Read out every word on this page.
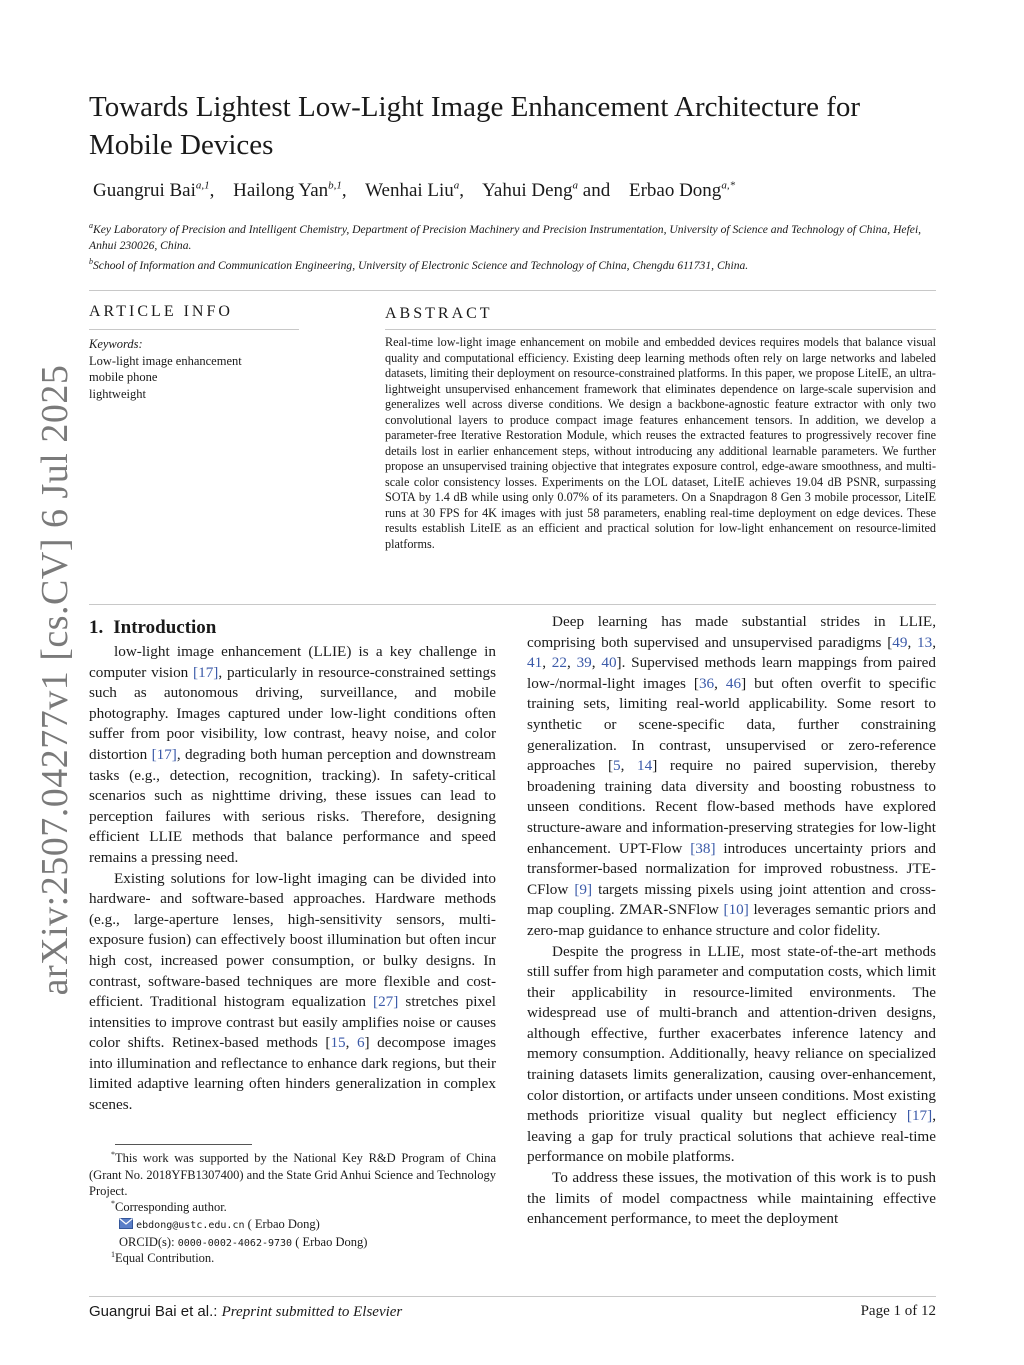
Towards Lightest Low-Light Image Enhancement Architecture for Mobile Devices
Guangrui Bai$^{a,1}$, Hailong Yan$^{b,1}$, Wenhai Liu$^a$, Yahui Deng$^a$ and Erbao Dong$^{a,*}$
$^a$Key Laboratory of Precision and Intelligent Chemistry, Department of Precision Machinery and Precision Instrumentation, University of Science and Technology of China, Hefei, Anhui 230026, China.
$^b$School of Information and Communication Engineering, University of Electronic Science and Technology of China, Chengdu 611731, China.
ARTICLE INFO
Keywords:
Low-light image enhancement
mobile phone
lightweight
ABSTRACT
Real-time low-light image enhancement on mobile and embedded devices requires models that balance visual quality and computational efficiency. Existing deep learning methods often rely on large networks and labeled datasets, limiting their deployment on resource-constrained platforms. In this paper, we propose LiteIE, an ultra-lightweight unsupervised enhancement framework that eliminates dependence on large-scale supervision and generalizes well across diverse conditions. We design a backbone-agnostic feature extractor with only two convolutional layers to produce compact image features enhancement tensors. In addition, we develop a parameter-free Iterative Restoration Module, which reuses the extracted features to progressively recover fine details lost in earlier enhancement steps, without introducing any additional learnable parameters. We further propose an unsupervised training objective that integrates exposure control, edge-aware smoothness, and multi-scale color consistency losses. Experiments on the LOL dataset, LiteIE achieves 19.04 dB PSNR, surpassing SOTA by 1.4 dB while using only 0.07% of its parameters. On a Snapdragon 8 Gen 3 mobile processor, LiteIE runs at 30 FPS for 4K images with just 58 parameters, enabling real-time deployment on edge devices. These results establish LiteIE as an efficient and practical solution for low-light enhancement on resource-limited platforms.
1. Introduction

low-light image enhancement (LLIE) is a key challenge in computer vision [17], particularly in resource-constrained settings such as autonomous driving, surveillance, and mobile photography. Images captured under low-light conditions often suffer from poor visibility, low contrast, heavy noise, and color distortion [17], degrading both human perception and downstream tasks (e.g., detection, recognition, tracking). In safety-critical scenarios such as nighttime driving, these issues can lead to perception failures with serious risks. Therefore, designing efficient LLIE methods that balance performance and speed remains a pressing need.

Existing solutions for low-light imaging can be divided into hardware- and software-based approaches. Hardware methods (e.g., large-aperture lenses, high-sensitivity sensors, multi-exposure fusion) can effectively boost illumination but often incur high cost, increased power consumption, or bulky designs. In contrast, software-based techniques are more flexible and cost-efficient. Traditional histogram equalization [27] stretches pixel intensities to improve contrast but easily amplifies noise or causes color shifts. Retinex-based methods [15, 6] decompose images into illumination and reflectance to enhance dark regions, but their limited adaptive learning often hinders generalization in complex scenes.

Deep learning has made substantial strides in LLIE, comprising both supervised and unsupervised paradigms [49, 13, 41, 22, 39, 40]. Supervised methods learn mappings from paired low-/normal-light images [36, 46] but often overfit to specific training sets, limiting real-world applicability. Some resort to synthetic or scene-specific data, further constraining generalization. In contrast, unsupervised or zero-reference approaches [5, 14] require no paired supervision, thereby broadening training data diversity and boosting robustness to unseen conditions. Recent flow-based methods have explored structure-aware and information-preserving strategies for low-light enhancement. UPT-Flow [38] introduces uncertainty priors and transformer-based normalization for improved robustness. JTE-CFlow [9] targets missing pixels using joint attention and cross-map coupling. ZMAR-SNFlow [10] leverages semantic priors and zero-map guidance to enhance structure and color fidelity.

Despite the progress in LLIE, most state-of-the-art methods still suffer from high parameter and computation costs, which limit their applicability in resource-limited environments. The widespread use of multi-branch and attention-driven designs, although effective, further exacerbates inference latency and memory consumption. Additionally, heavy reliance on specialized training datasets limits generalization, causing over-enhancement, color distortion, or artifacts under unseen conditions. Most existing methods prioritize visual quality but neglect efficiency [17], leaving a gap for truly practical solutions that achieve real-time performance on mobile platforms.

To address these issues, the motivation of this work is to push the limits of model compactness while maintaining effective enhancement performance, to meet the deployment

*This work was supported by the National Key R&D Program of China (Grant No. 2018YFB1307400) and the State Grid Anhui Science and Technology Project.
*Corresponding author.
ebdong@ustc.edu.cn ( Erbao Dong)
ORCID(s): 0000-0002-4062-9730 ( Erbao Dong)
$^1$Equal Contribution.
arXiv:2507.04277v1 [cs.CV] 6 Jul 2025
Guangrui Bai et al.: Preprint submitted to Elsevier	Page 1 of 12
